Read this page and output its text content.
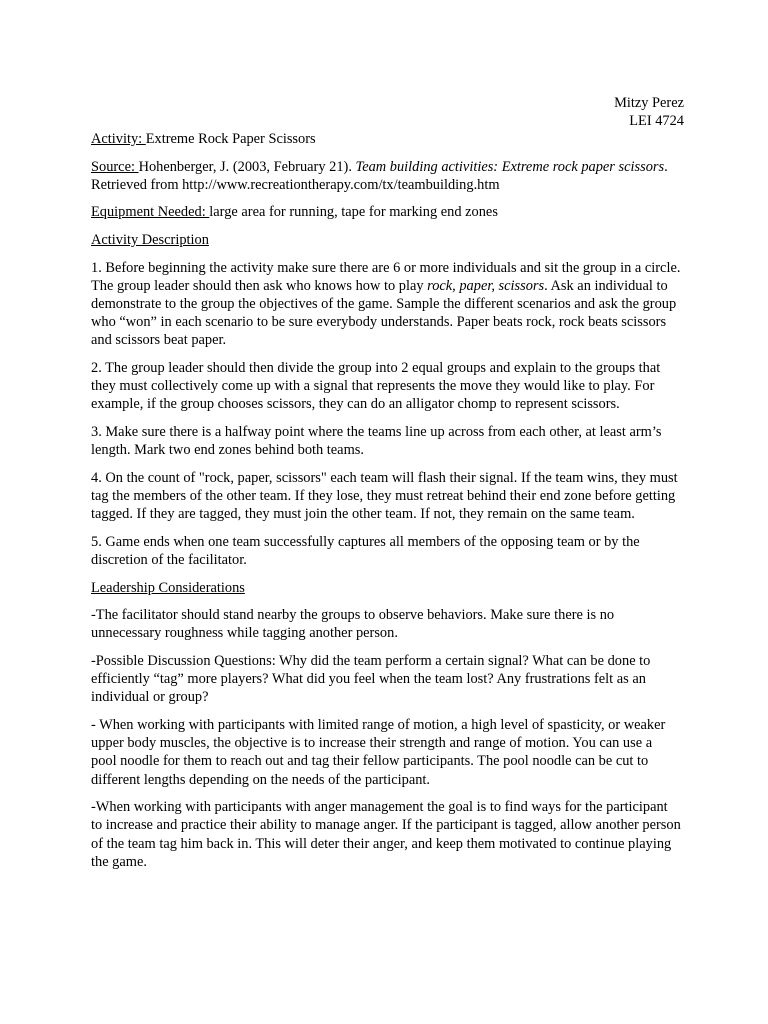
Mitzy Perez
LEI 4724

Activity: Extreme Rock Paper Scissors

Source: Hohenberger, J. (2003, February 21). Team building activities: Extreme rock paper scissors. Retrieved from http://www.recreationtherapy.com/tx/teambuilding.htm

Equipment Needed: large area for running, tape for marking end zones

Activity Description

1. Before beginning the activity make sure there are 6 or more individuals and sit the group in a circle. The group leader should then ask who knows how to play rock, paper, scissors. Ask an individual to demonstrate to the group the objectives of the game. Sample the different scenarios and ask the group who “won” in each scenario to be sure everybody understands. Paper beats rock, rock beats scissors and scissors beat paper.

2. The group leader should then divide the group into 2 equal groups and explain to the groups that they must collectively come up with a signal that represents the move they would like to play. For example, if the group chooses scissors, they can do an alligator chomp to represent scissors.

3. Make sure there is a halfway point where the teams line up across from each other, at least arm’s length. Mark two end zones behind both teams.

4. On the count of "rock, paper, scissors" each team will flash their signal. If the team wins, they must tag the members of the other team. If they lose, they must retreat behind their end zone before getting tagged. If they are tagged, they must join the other team. If not, they remain on the same team.

5. Game ends when one team successfully captures all members of the opposing team or by the discretion of the facilitator.

Leadership Considerations

-The facilitator should stand nearby the groups to observe behaviors. Make sure there is no unnecessary roughness while tagging another person.

-Possible Discussion Questions: Why did the team perform a certain signal? What can be done to efficiently “tag” more players? What did you feel when the team lost? Any frustrations felt as an individual or group?

- When working with participants with limited range of motion, a high level of spasticity, or weaker upper body muscles, the objective is to increase their strength and range of motion. You can use a pool noodle for them to reach out and tag their fellow participants. The pool noodle can be cut to different lengths depending on the needs of the participant.

-When working with participants with anger management the goal is to find ways for the participant to increase and practice their ability to manage anger. If the participant is tagged, allow another person of the team tag him back in. This will deter their anger, and keep them motivated to continue playing the game.
